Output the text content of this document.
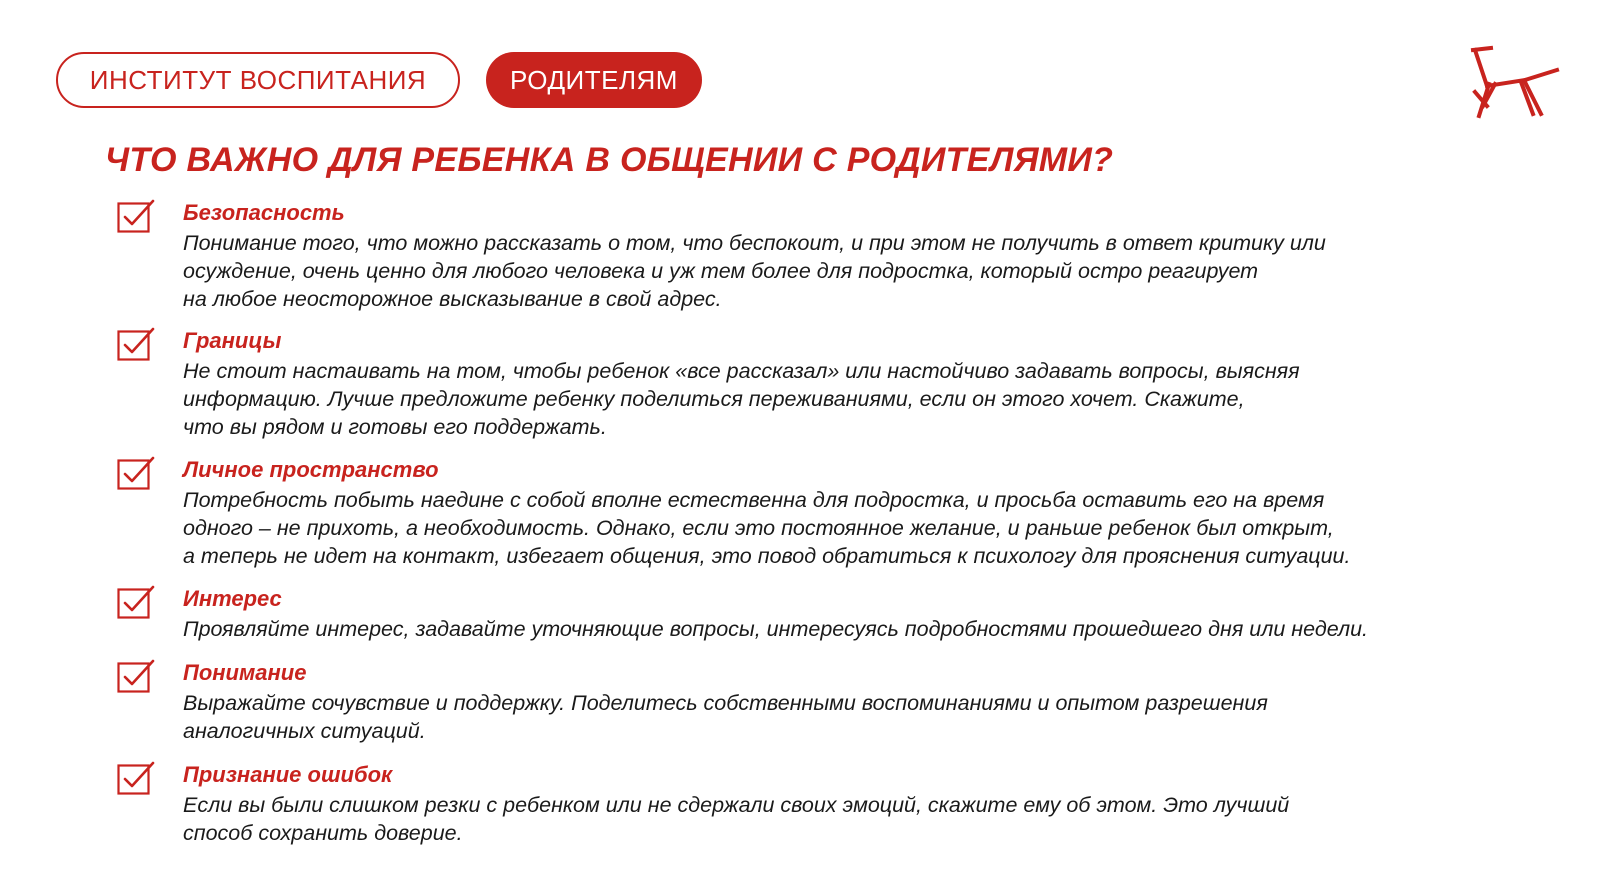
ИНСТИТУТ ВОСПИТАНИЯ	РОДИТЕЛЯМ
ЧТО ВАЖНО ДЛЯ РЕБЕНКА В ОБЩЕНИИ С РОДИТЕЛЯМИ?
Безопасность

Понимание того, что можно рассказать о том, что беспокоит, и при этом не получить в ответ критику или
осуждение, очень ценно для любого человека и уж тем более для подростка, который остро реагирует
на любое неосторожное высказывание в свой адрес.

Границы

Не стоит настаивать на том, чтобы ребенок «все рассказал» или настойчиво задавать вопросы, выясняя
информацию. Лучше предложите ребенку поделиться переживаниями, если он этого хочет. Скажите,
что вы рядом и готовы его поддержать.

Личное пространство

Потребность побыть наедине с собой вполне естественна для подростка, и просьба оставить его на время
одного – не прихоть, а необходимость. Однако, если это постоянное желание, и раньше ребенок был открыт,
а теперь не идет на контакт, избегает общения, это повод обратиться к психологу для прояснения ситуации.

Интерес

Проявляйте интерес, задавайте уточняющие вопросы, интересуясь подробностями прошедшего дня или недели.

Понимание

Выражайте сочувствие и поддержку. Поделитесь собственными воспоминаниями и опытом разрешения
аналогичных ситуаций.

Признание ошибок

Если вы были слишком резки с ребенком или не сдержали своих эмоций, скажите ему об этом. Это лучший
способ сохранить доверие.
